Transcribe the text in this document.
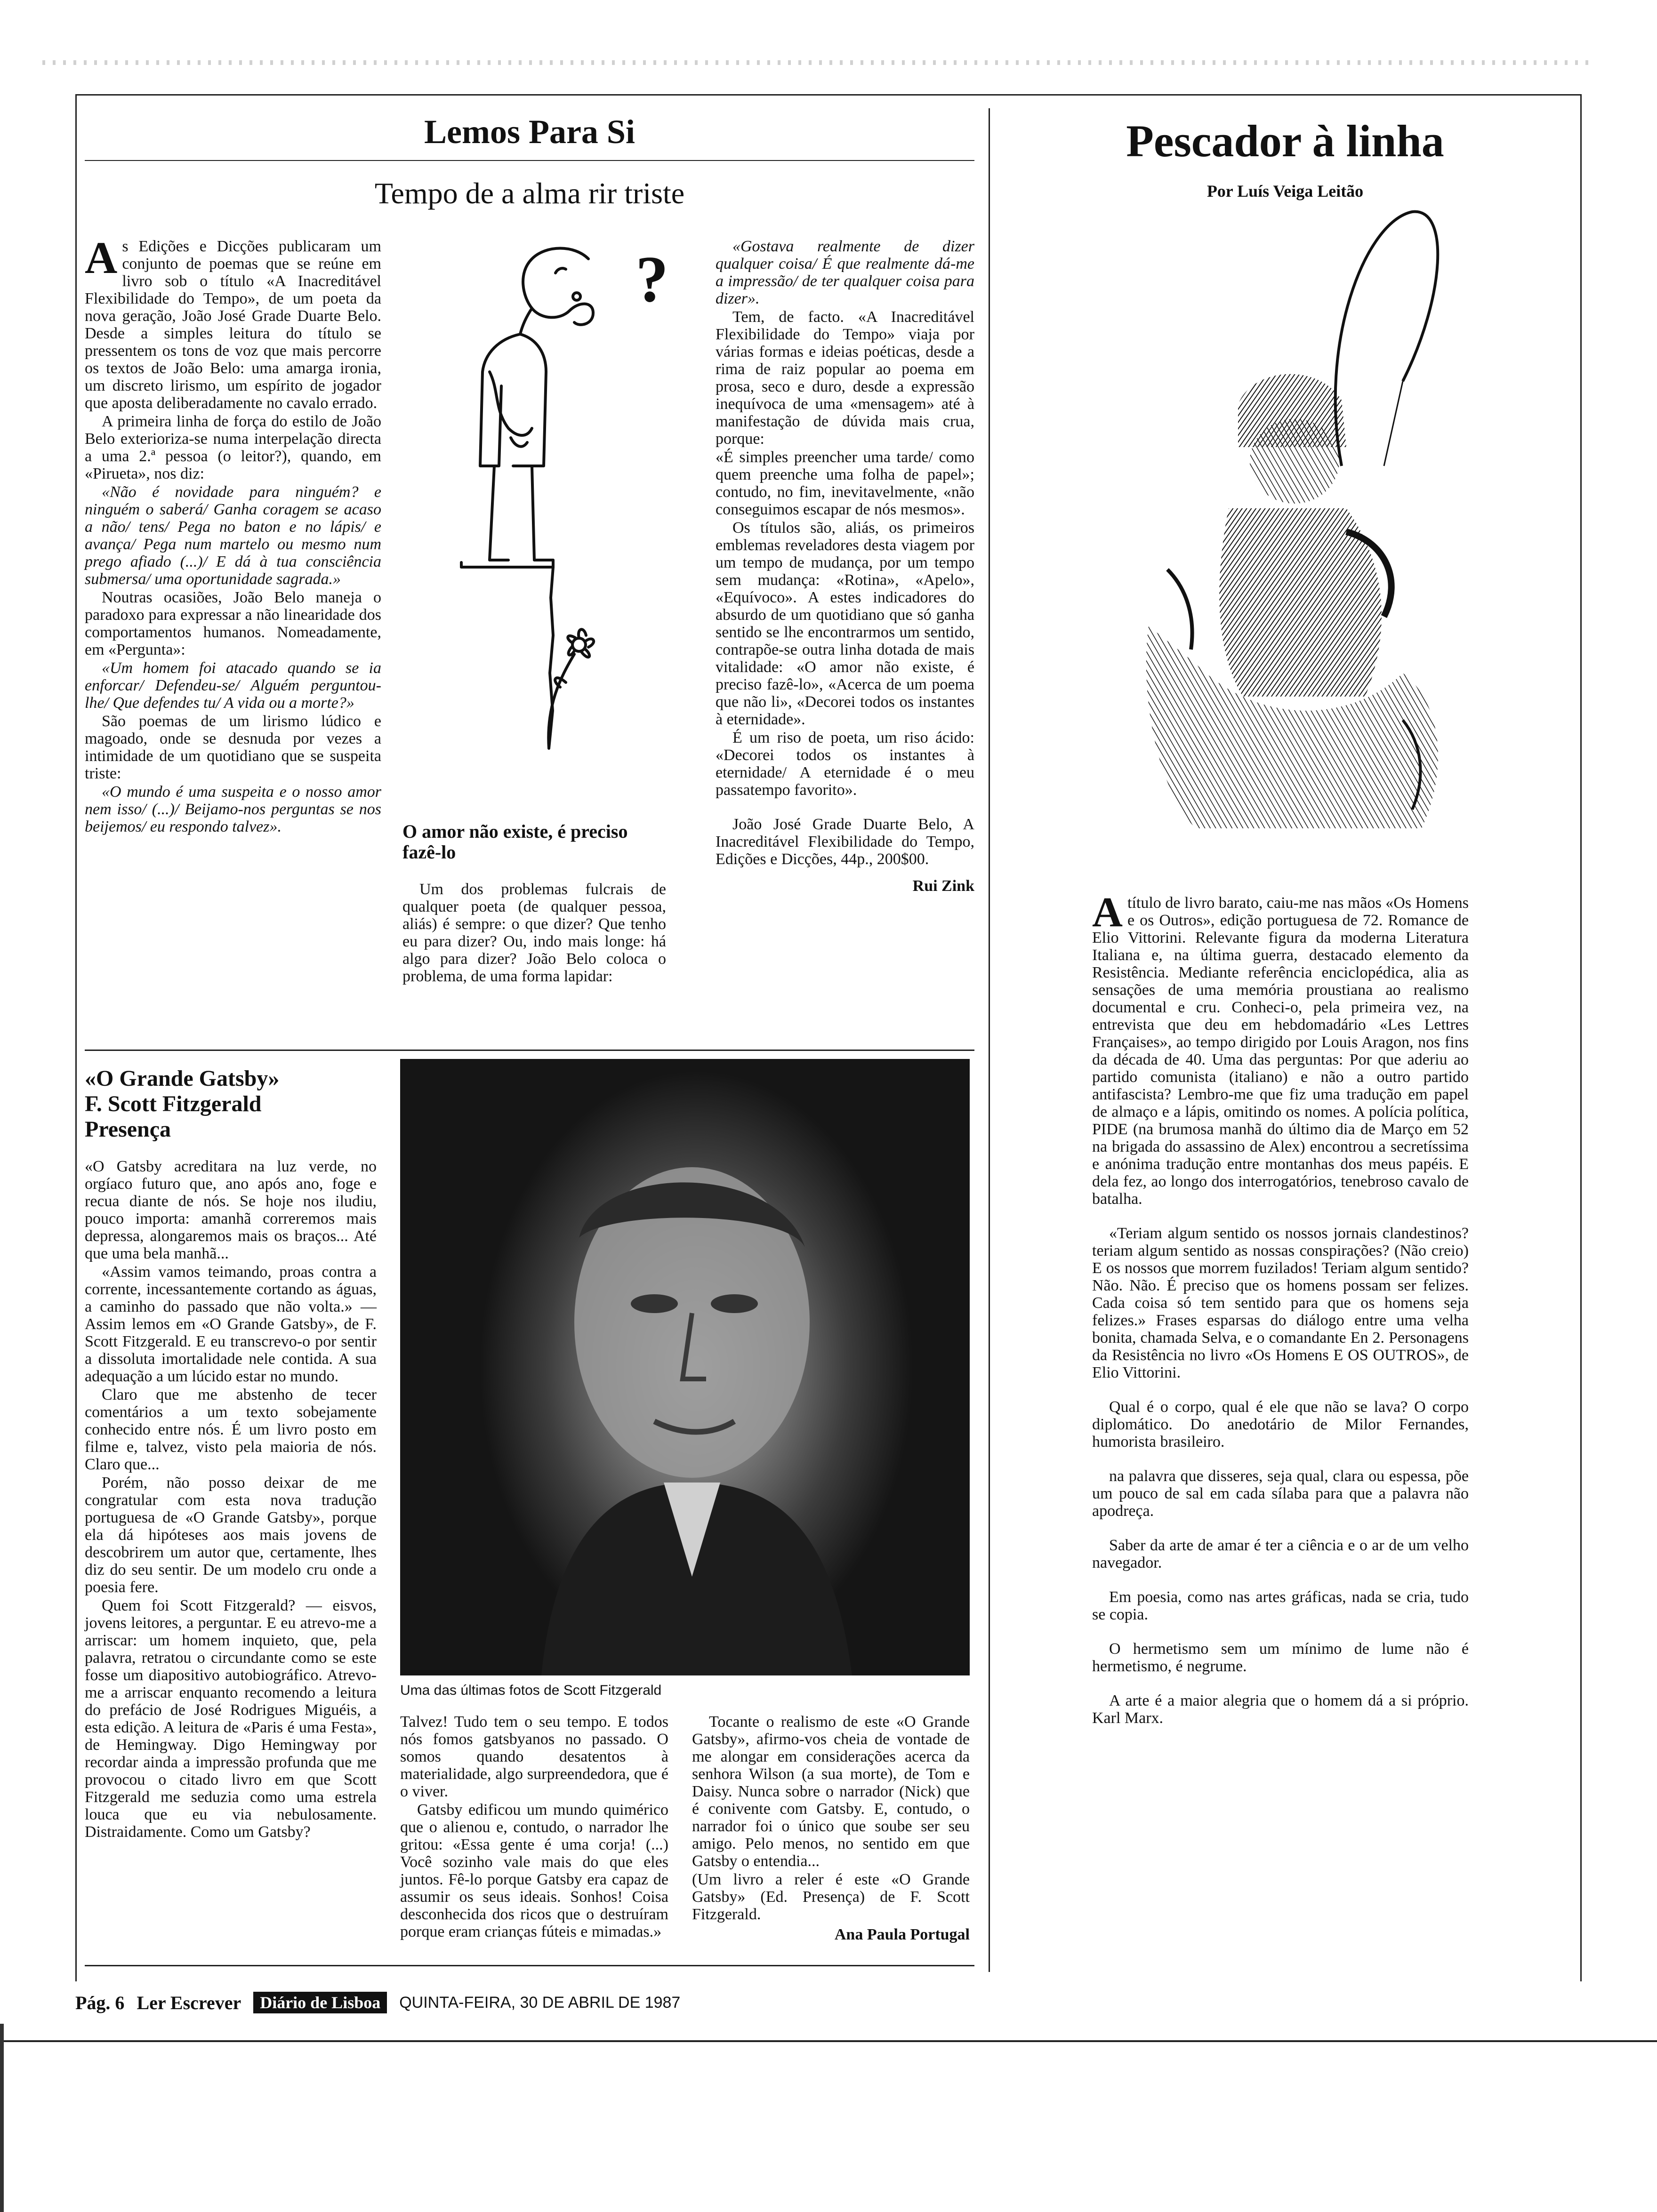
Lemos Para Si
Tempo de a alma rir triste

As Edições e Dicções publicaram um conjunto de poemas que se reúne em livro sob o título «A Inacreditável Flexibilidade do Tempo», de um poeta da nova geração, João José Grade Duarte Belo. Desde a simples leitura do título se pressentem os tons de voz que mais percorre os textos de João Belo: uma amarga ironia, um discreto lirismo, um espírito de jogador que aposta deliberadamente no cavalo errado.

A primeira linha de força do estilo de João Belo exterioriza-se numa interpelação directa a uma 2.ª pessoa (o leitor?), quando, em «Pirueta», nos diz:

«Não é novidade para ninguém? e ninguém o saberá/ Ganha coragem se acaso a não/ tens/ Pega no baton e no lápis/ e avança/ Pega num martelo ou mesmo num prego afiado (...)/ E dá à tua consciência submersa/ uma oportunidade sagrada.»

Noutras ocasiões, João Belo maneja o paradoxo para expressar a não linearidade dos comportamentos humanos. Nomeadamente, em «Pergunta»:

«Um homem foi atacado quando se ia enforcar/ Defendeu-se/ Alguém perguntou-lhe/ Que defendes tu/ A vida ou a morte?»

São poemas de um lirismo lúdico e magoado, onde se desnuda por vezes a intimidade de um quotidiano que se suspeita triste:

«O mundo é uma suspeita e o nosso amor nem isso/ (...)/ Beijamo-nos perguntas se nos beijemos/ eu respondo talvez».

?
O amor não existe, é preciso fazê-lo

Um dos problemas fulcrais de qualquer poeta (de qualquer pessoa, aliás) é sempre: o que dizer? Que tenho eu para dizer? Ou, indo mais longe: há algo para dizer? João Belo coloca o problema, de uma forma lapidar:

«Gostava realmente de dizer qualquer coisa/ É que realmente dá-me a impressão/ de ter qualquer coisa para dizer».

Tem, de facto. «A Inacreditável Flexibilidade do Tempo» viaja por várias formas e ideias poéticas, desde a rima de raiz popular ao poema em prosa, seco e duro, desde a expressão inequívoca de uma «mensagem» até à manifestação de dúvida mais crua, porque:

«É simples preencher uma tarde/ como quem preenche uma folha de papel»; contudo, no fim, inevitavelmente, «não conseguimos escapar de nós mesmos».

Os títulos são, aliás, os primeiros emblemas reveladores desta viagem por um tempo de mudança, por um tempo sem mudança: «Rotina», «Apelo», «Equívoco». A estes indicadores do absurdo de um quotidiano que só ganha sentido se lhe encontrarmos um sentido, contrapõe-se outra linha dotada de mais vitalidade: «O amor não existe, é preciso fazê-lo», «Acerca de um poema que não li», «Decorei todos os instantes à eternidade».

É um riso de poeta, um riso ácido: «Decorei todos os instantes à eternidade/ A eternidade é o meu passatempo favorito».

João José Grade Duarte Belo, A Inacreditável Flexibilidade do Tempo, Edições e Dicções, 44p., 200$00.

Rui Zink
«O Grande Gatsby»
F. Scott Fitzgerald
Presença

«O Gatsby acreditara na luz verde, no orgíaco futuro que, ano após ano, foge e recua diante de nós. Se hoje nos iludiu, pouco importa: amanhã correremos mais depressa, alongaremos mais os braços... Até que uma bela manhã...

«Assim vamos teimando, proas contra a corrente, incessantemente cortando as águas, a caminho do passado que não volta.» — Assim lemos em «O Grande Gatsby», de F. Scott Fitzgerald. E eu transcrevo-o por sentir a dissoluta imortalidade nele contida. A sua adequação a um lúcido estar no mundo.

Claro que me abstenho de tecer comentários a um texto sobejamente conhecido entre nós. É um livro posto em filme e, talvez, visto pela maioria de nós. Claro que...

Porém, não posso deixar de me congratular com esta nova tradução portuguesa de «O Grande Gatsby», porque ela dá hipóteses aos mais jovens de descobrirem um autor que, certamente, lhes diz do seu sentir. De um modelo cru onde a poesia fere.

Quem foi Scott Fitzgerald? — eisvos, jovens leitores, a perguntar. E eu atrevo-me a arriscar: um homem inquieto, que, pela palavra, retratou o circundante como se este fosse um diapositivo autobiográfico. Atrevo-me a arriscar enquanto recomendo a leitura do prefácio de José Rodrigues Miguéis, a esta edição. A leitura de «Paris é uma Festa», de Hemingway. Digo Hemingway por recordar ainda a impressão profunda que me provocou o citado livro em que Scott Fitzgerald me seduzia como uma estrela louca que eu via nebulosamente. Distraidamente. Como um Gatsby?

Uma das últimas fotos de Scott Fitzgerald

Talvez! Tudo tem o seu tempo. E todos nós fomos gatsbyanos no passado. O somos quando desatentos à materialidade, algo surpreendedora, que é o viver.

Gatsby edificou um mundo quimérico que o alienou e, contudo, o narrador lhe gritou: «Essa gente é uma corja! (...) Você sozinho vale mais do que eles juntos. Fê-lo porque Gatsby era capaz de assumir os seus ideais. Sonhos! Coisa desconhecida dos ricos que o destruíram porque eram crianças fúteis e mimadas.»

Tocante o realismo de este «O Grande Gatsby», afirmo-vos cheia de vontade de me alongar em considerações acerca da senhora Wilson (a sua morte), de Tom e Daisy. Nunca sobre o narrador (Nick) que é conivente com Gatsby. E, contudo, o narrador foi o único que soube ser seu amigo. Pelo menos, no sentido em que Gatsby o entendia...

(Um livro a reler é este «O Grande Gatsby» (Ed. Presença) de F. Scott Fitzgerald.

Ana Paula Portugal
Pescador à linha
Por Luís Veiga Leitão

Atítulo de livro barato, caiu-me nas mãos «Os Homens e os Outros», edição portuguesa de 72. Romance de Elio Vittorini. Relevante figura da moderna Literatura Italiana e, na última guerra, destacado elemento da Resistência. Mediante referência enciclopédica, alia as sensações de uma memória proustiana ao realismo documental e cru. Conheci-o, pela primeira vez, na entrevista que deu em hebdomadário «Les Lettres Françaises», ao tempo dirigido por Louis Aragon, nos fins da década de 40. Uma das perguntas: Por que aderiu ao partido comunista (italiano) e não a outro partido antifascista? Lembro-me que fiz uma tradução em papel de almaço e a lápis, omitindo os nomes. A polícia política, PIDE (na brumosa manhã do último dia de Março em 52 na brigada do assassino de Alex) encontrou a secretíssima e anónima tradução entre montanhas dos meus papéis. E dela fez, ao longo dos interrogatórios, tenebroso cavalo de batalha.

«Teriam algum sentido os nossos jornais clandestinos? teriam algum sentido as nossas conspirações? (Não creio) E os nossos que morrem fuzilados! Teriam algum sentido? Não. Não. É preciso que os homens possam ser felizes. Cada coisa só tem sentido para que os homens seja felizes.» Frases esparsas do diálogo entre uma velha bonita, chamada Selva, e o comandante En 2. Personagens da Resistência no livro «Os Homens E OS OUTROS», de Elio Vittorini.

Qual é o corpo, qual é ele que não se lava? O corpo diplomático. Do anedotário de Milor Fernandes, humorista brasileiro.

na palavra que disseres, seja qual, clara ou espessa, põe um pouco de sal em cada sílaba para que a palavra não apodreça.

Saber da arte de amar é ter a ciência e o ar de um velho navegador.

Em poesia, como nas artes gráficas, nada se cria, tudo se copia.

O hermetismo sem um mínimo de lume não é hermetismo, é negrume.

A arte é a maior alegria que o homem dá a si próprio. Karl Marx.

Pág. 6 Ler Escrever	Diário de Lisboa	QUINTA-FEIRA, 30 DE ABRIL DE 1987
